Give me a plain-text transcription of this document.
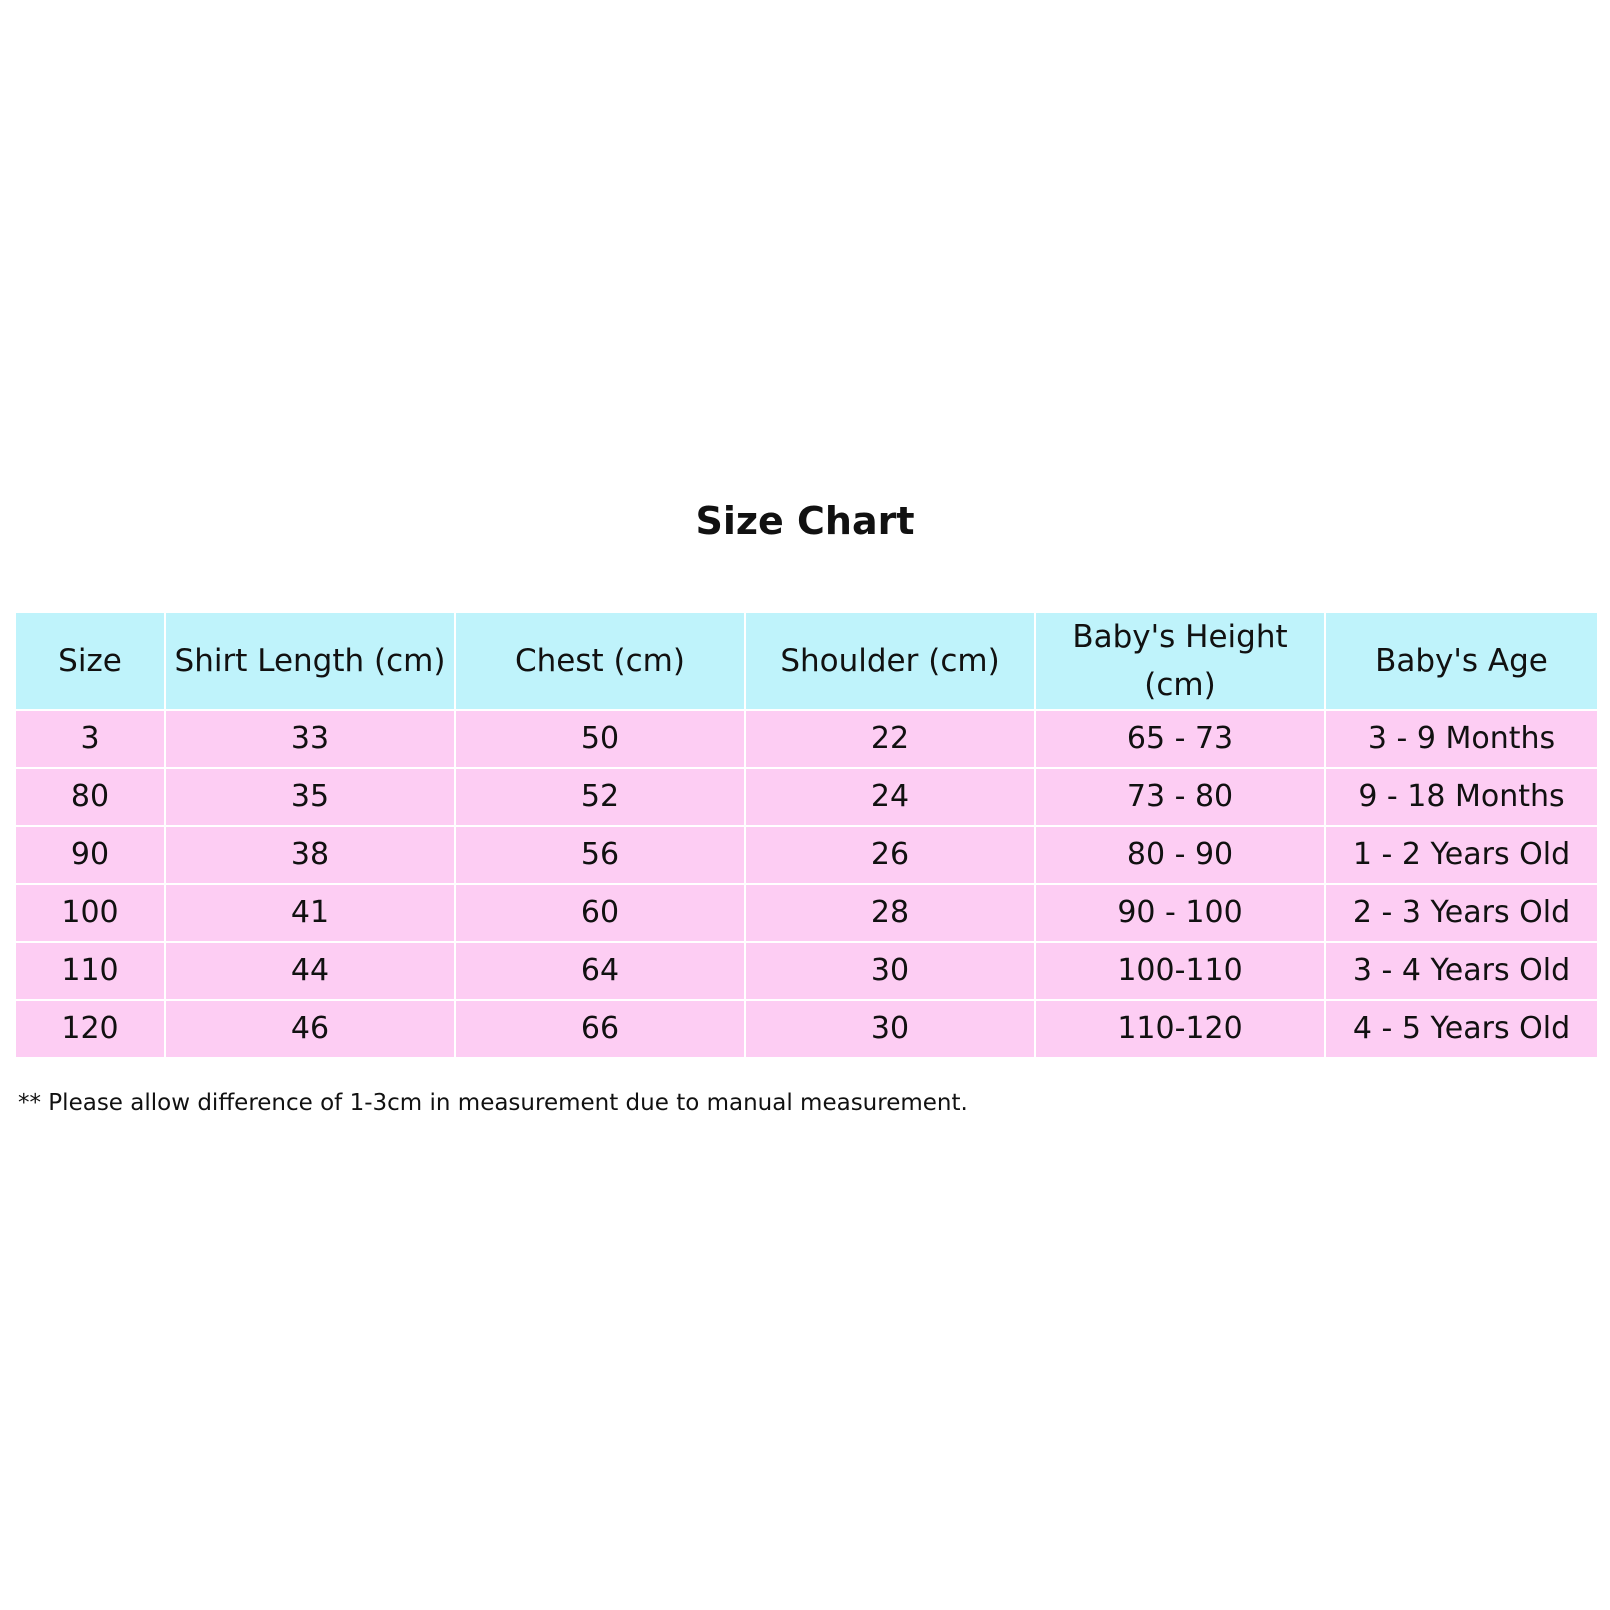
Size Chart
Size	Shirt Length (cm)	Chest (cm)	Shoulder (cm)	Baby's Height (cm)	Baby's Age
3	33	50	22	65 - 73	3 - 9 Months
80	35	52	24	73 - 80	9 - 18 Months
90	38	56	26	80 - 90	1 - 2 Years Old
100	41	60	28	90 - 100	2 - 3 Years Old
110	44	64	30	100-110	3 - 4 Years Old
120	46	66	30	110-120	4 - 5 Years Old
** Please allow difference of 1-3cm in measurement due to manual measurement.
